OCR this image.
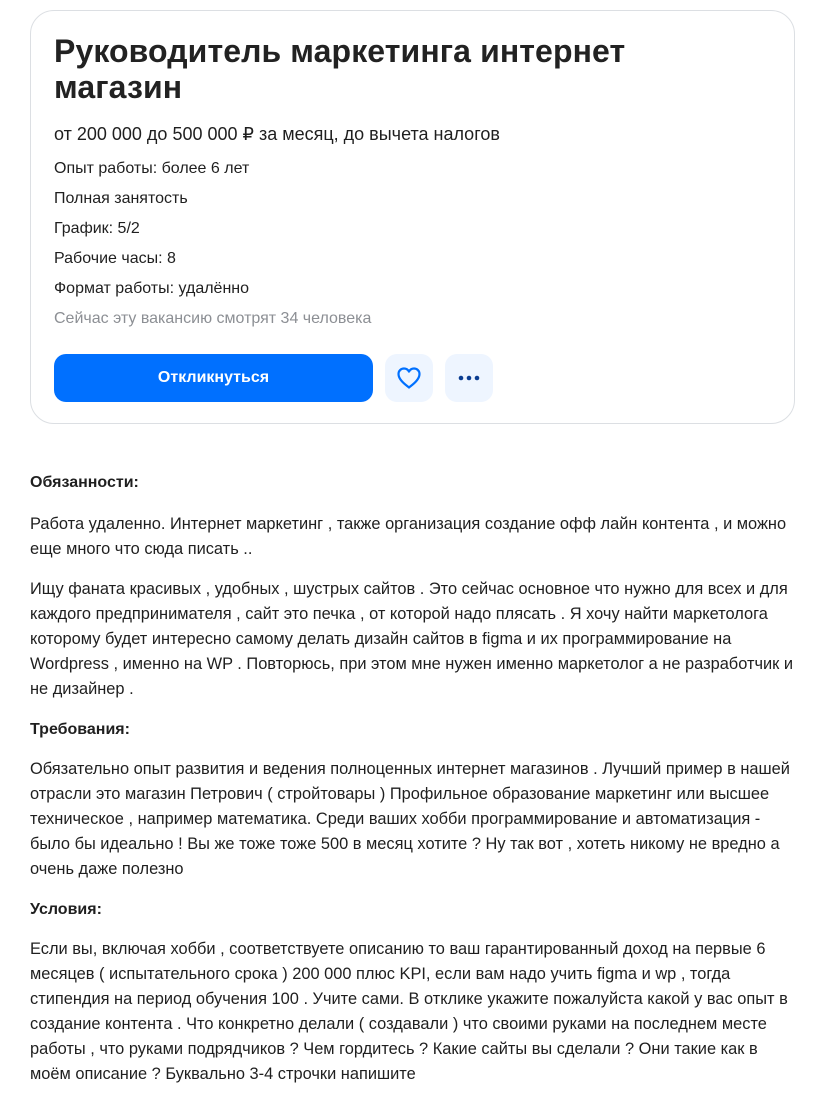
Руководитель маркетинга интернет магазин
от 200 000 до 500 000 ₽ за месяц, до вычета налогов
Опыт работы: более 6 лет
Полная занятость
График: 5/2
Рабочие часы: 8
Формат работы: удалённо
Сейчас эту вакансию смотрят 34 человека
Откликнуться
Обязанности:

Работа удаленно. Интернет маркетинг , также организация создание офф лайн контента , и можно еще много что сюда писать ..

Ищу фаната красивых , удобных , шустрых сайтов . Это сейчас основное что нужно для всех и для каждого предпринимателя , сайт это печка , от которой надо плясать . Я хочу найти маркетолога которому будет интересно самому делать дизайн сайтов в figma и их программирование на Wordpress , именно на WP . Повторюсь, при этом мне нужен именно маркетолог а не разработчик и не дизайнер .

Требования:

Обязательно опыт развития и ведения полноценных интернет магазинов . Лучший пример в нашей отрасли это магазин Петрович ( стройтовары ) Профильное образование маркетинг или высшее техническое , например математика. Среди ваших хобби программирование и автоматизация - было бы идеально ! Вы же тоже тоже 500 в месяц хотите ? Ну так вот , хотеть никому не вредно а очень даже полезно

Условия:

Если вы, включая хобби , соответствуете описанию то ваш гарантированный доход на первые 6 месяцев ( испытательного срока ) 200 000 плюс KPI, если вам надо учить figma и wp , тогда стипендия на период обучения 100 . Учите сами. В отклике укажите пожалуйста какой у вас опыт в создание контента . Что конкретно делали ( создавали ) что своими руками на последнем месте работы , что руками подрядчиков ? Чем гордитесь ? Какие сайты вы сделали ? Они такие как в моём описание ? Буквально 3-4 строчки напишите
